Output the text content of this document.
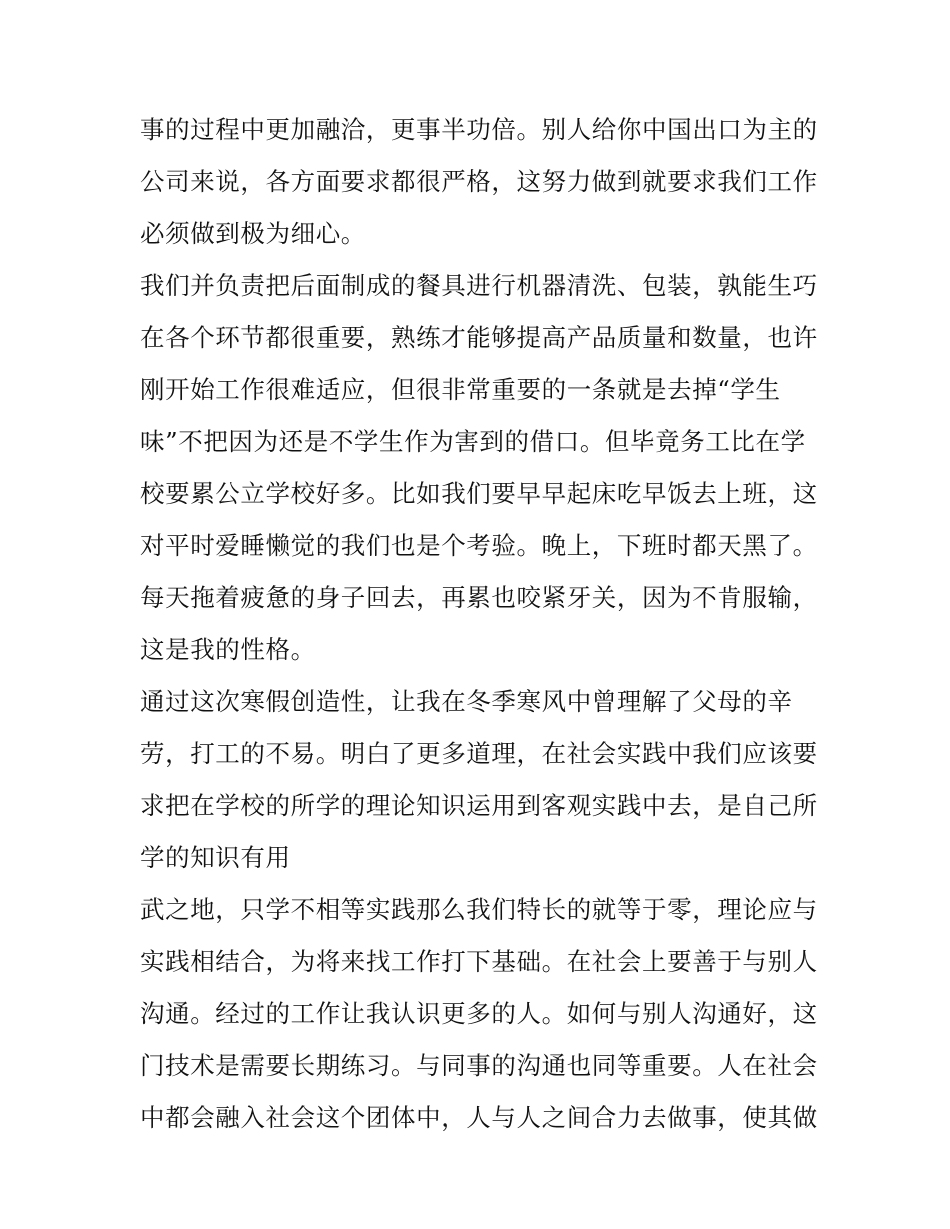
事的过程中更加融洽，更事半功倍。别人给你中国出口为主的
公司来说，各方面要求都很严格，这努力做到就要求我们工作
必须做到极为细心。
我们并负责把后面制成的餐具进行机器清洗、包装，孰能生巧
在各个环节都很重要，熟练才能够提高产品质量和数量，也许
刚开始工作很难适应，但很非常重要的一条就是去掉“学生
味”不把因为还是不学生作为害到的借口。但毕竟务工比在学
校要累公立学校好多。比如我们要早早起床吃早饭去上班，这
对平时爱睡懒觉的我们也是个考验。晚上，下班时都天黑了。
每天拖着疲惫的身子回去，再累也咬紧牙关，因为不肯服输，
这是我的性格。
通过这次寒假创造性，让我在冬季寒风中曾理解了父母的辛
劳，打工的不易。明白了更多道理，在社会实践中我们应该要
求把在学校的所学的理论知识运用到客观实践中去，是自己所
学的知识有用
武之地，只学不相等实践那么我们特长的就等于零，理论应与
实践相结合，为将来找工作打下基础。在社会上要善于与别人
沟通。经过的工作让我认识更多的人。如何与别人沟通好，这
门技术是需要长期练习。与同事的沟通也同等重要。人在社会
中都会融入社会这个团体中，人与人之间合力去做事，使其做
